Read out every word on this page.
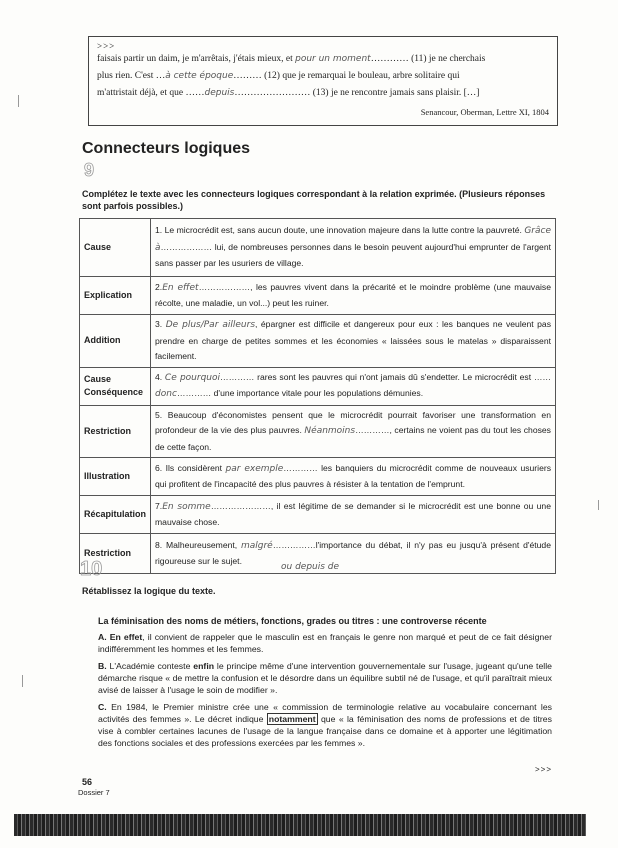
>>>
faisais partir un daim, je m'arrêtais, j'étais mieux, et pour un moment………… (11) je ne cherchais
plus rien. C'est …à cette époque……… (12) que je remarquai le bouleau, arbre solitaire qui
m'attristait déjà, et que ……depuis…………………… (13) je ne rencontre jamais sans plaisir. […]
Senancour, Oberman, Lettre XI, 1804
Connecteurs logiques
9
Complétez le texte avec les connecteurs logiques correspondant à la relation exprimée. (Plusieurs réponses sont parfois possibles.)
Cause	1. Le microcrédit est, sans aucun doute, une innovation majeure dans la lutte contre la pauvreté. Grâce à……………… lui, de nombreuses personnes dans le besoin peuvent aujourd'hui emprunter de l'argent sans passer par les usuriers de village.
Explication	2.En effet………………, les pauvres vivent dans la précarité et le moindre problème (une mauvaise récolte, une maladie, un vol...) peut les ruiner.
Addition	3. De plus/Par ailleurs, épargner est difficile et dangereux pour eux : les banques ne veulent pas prendre en charge de petites sommes et les économies « laissées sous le matelas » disparaissent facilement.
Cause Conséquence	4. Ce pourquoi………… rares sont les pauvres qui n'ont jamais dû s'endetter. Le microcrédit est ……donc………… d'une importance vitale pour les populations démunies.
Restriction	5. Beaucoup d'économistes pensent que le microcrédit pourrait favoriser une transformation en profondeur de la vie des plus pauvres. Néanmoins…………, certains ne voient pas du tout les choses de cette façon.
Illustration	6. Ils considèrent par exemple………… les banquiers du microcrédit comme de nouveaux usuriers qui profitent de l'incapacité des plus pauvres à résister à la tentation de l'emprunt.
Récapitulation	7.En somme…………………, il est légitime de se demander si le microcrédit est une bonne ou une mauvaise chose.
Restriction	8. Malheureusement, malgré……………l'importance du débat, il n'y pas eu jusqu'à présent d'étude rigoureuse sur le sujet.
ou depuis de
10
Rétablissez la logique du texte.
La féminisation des noms de métiers, fonctions, grades ou titres : une controverse récente

A. En effet, il convient de rappeler que le masculin est en français le genre non marqué et peut de ce fait désigner indifféremment les hommes et les femmes.

B. L'Académie conteste enfin le principe même d'une intervention gouvernementale sur l'usage, jugeant qu'une telle démarche risque « de mettre la confusion et le désordre dans un équilibre subtil né de l'usage, et qu'il paraîtrait mieux avisé de laisser à l'usage le soin de modifier ».

C. En 1984, le Premier ministre crée une « commission de terminologie relative au vocabulaire concernant les activités des femmes ». Le décret indique notamment que « la féminisation des noms de professions et de titres vise à combler certaines lacunes de l'usage de la langue française dans ce domaine et à apporter une légitimation des fonctions sociales et des professions exercées par les femmes ».

>>>
56
Dossier 7
